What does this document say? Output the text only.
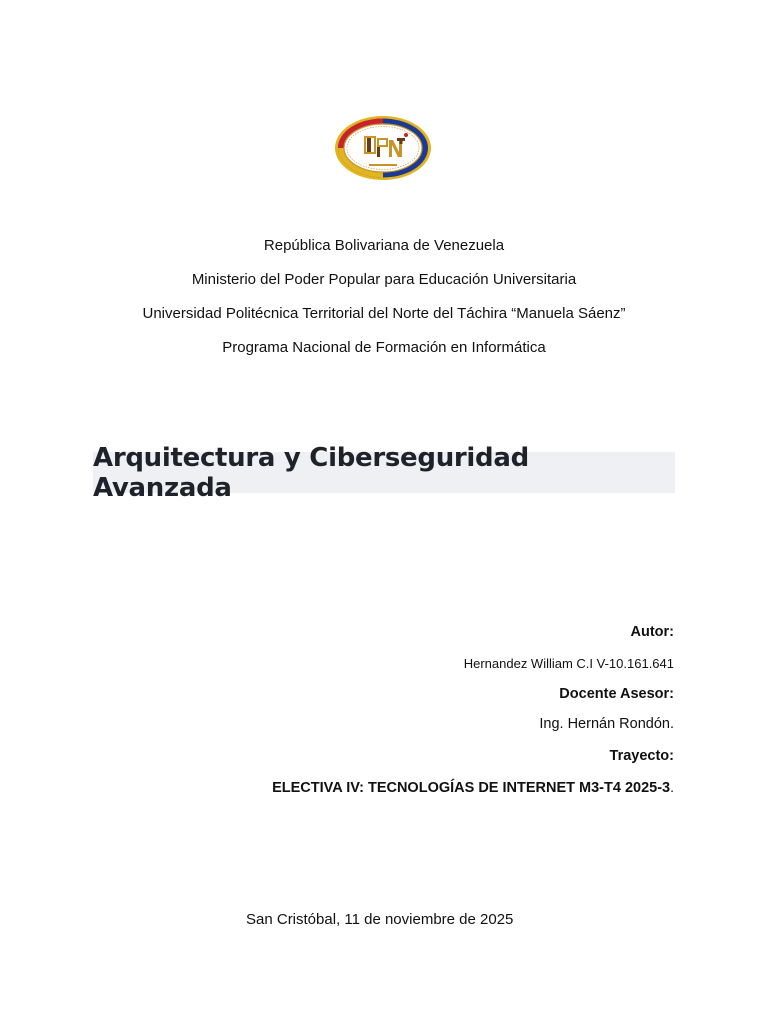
República Bolivariana de Venezuela
Ministerio del Poder Popular para Educación Universitaria
Universidad Politécnica Territorial del Norte del Táchira “Manuela Sáenz”
Programa Nacional de Formación en Informática
Arquitectura y Ciberseguridad Avanzada
Autor:
Hernandez William C.I V-10.161.641
Docente Asesor:
Ing. Hernán Rondón.
Trayecto:
ELECTIVA IV: TECNOLOGÍAS DE INTERNET M3-T4 2025-3.
San Cristóbal, 11 de noviembre de 2025
